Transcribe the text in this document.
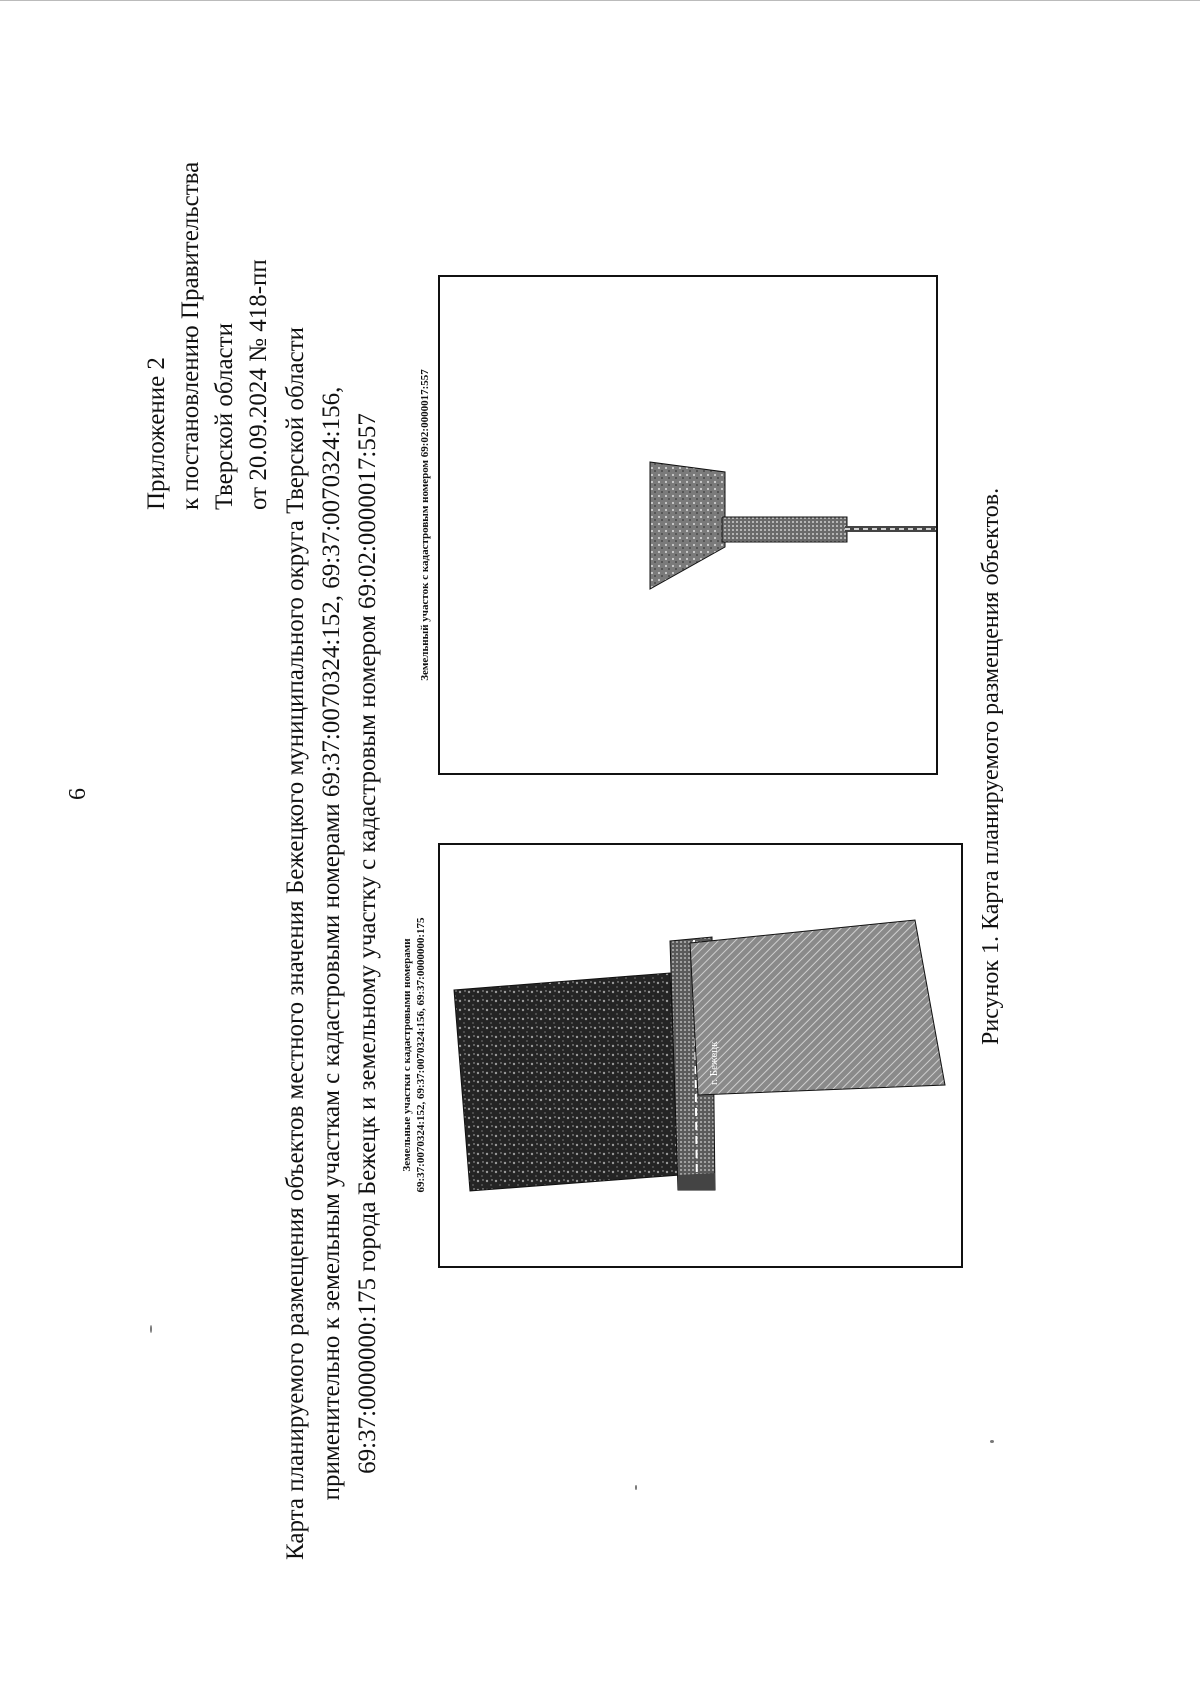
6
Приложение 2 к постановлению Правительства Тверской области от 20.09.2024 № 418-пп Карта планируемого размещения объектов местного значения Бежецкого муниципального округа Тверской области применительно к земельным участкам с кадастровыми номерами 69:37:0070324:152, 69:37:0070324:156, 69:37:0000000:175 города Бежецк и земельному участку с кадастровым номером 69:02:0000017:557	г. Бежецк
Земельные участки с кадастровыми номерами 69:37:0070324:152, 69:37:0070324:156, 69:37:0000000:175
Земельный участок с кадастровым номером 69:02:0000017:557	Рисунок 1. Карта планируемого размещения объектов.
